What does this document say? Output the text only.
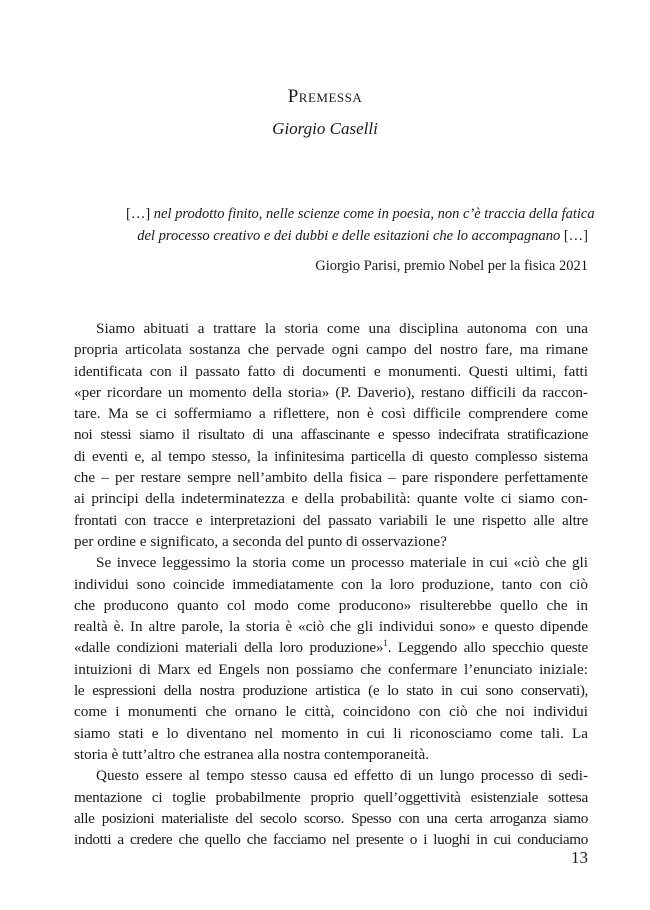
Premessa
Giorgio Caselli
[…] nel prodotto finito, nelle scienze come in poesia, non c’è traccia della fatica
del processo creativo e dei dubbi e delle esitazioni che lo accompagnano […]
Giorgio Parisi, premio Nobel per la fisica 2021
Siamo abituati a trattare la storia come una disciplina autonoma con una
propria articolata sostanza che pervade ogni campo del nostro fare, ma rimane
identificata con il passato fatto di documenti e monumenti. Questi ultimi, fatti
«per ricordare un momento della storia» (P. Daverio), restano difficili da raccon-
tare. Ma se ci soffermiamo a riflettere, non è così difficile comprendere come
noi stessi siamo il risultato di una affascinante e spesso indecifrata stratificazione
di eventi e, al tempo stesso, la infinitesima particella di questo complesso sistema
che – per restare sempre nell’ambito della fisica – pare rispondere perfettamente
ai principi della indeterminatezza e della probabilità: quante volte ci siamo con-
frontati con tracce e interpretazioni del passato variabili le une rispetto alle altre
per ordine e significato, a seconda del punto di osservazione?
Se invece leggessimo la storia come un processo materiale in cui «ciò che gli
individui sono coincide immediatamente con la loro produzione, tanto con ciò
che producono quanto col modo come producono» risulterebbe quello che in
realtà è. In altre parole, la storia è «ciò che gli individui sono» e questo dipende
«dalle condizioni materiali della loro produzione»$^1$. Leggendo allo specchio queste
intuizioni di Marx ed Engels non possiamo che confermare l’enunciato iniziale:
le espressioni della nostra produzione artistica (e lo stato in cui sono conservati),
come i monumenti che ornano le città, coincidono con ciò che noi individui
siamo stati e lo diventano nel momento in cui li riconosciamo come tali. La
storia è tutt’altro che estranea alla nostra contemporaneità.
Questo essere al tempo stesso causa ed effetto di un lungo processo di sedi-
mentazione ci toglie probabilmente proprio quell’oggettività esistenziale sottesa
alle posizioni materialiste del secolo scorso. Spesso con una certa arroganza siamo
indotti a credere che quello che facciamo nel presente o i luoghi in cui conduciamo
13
